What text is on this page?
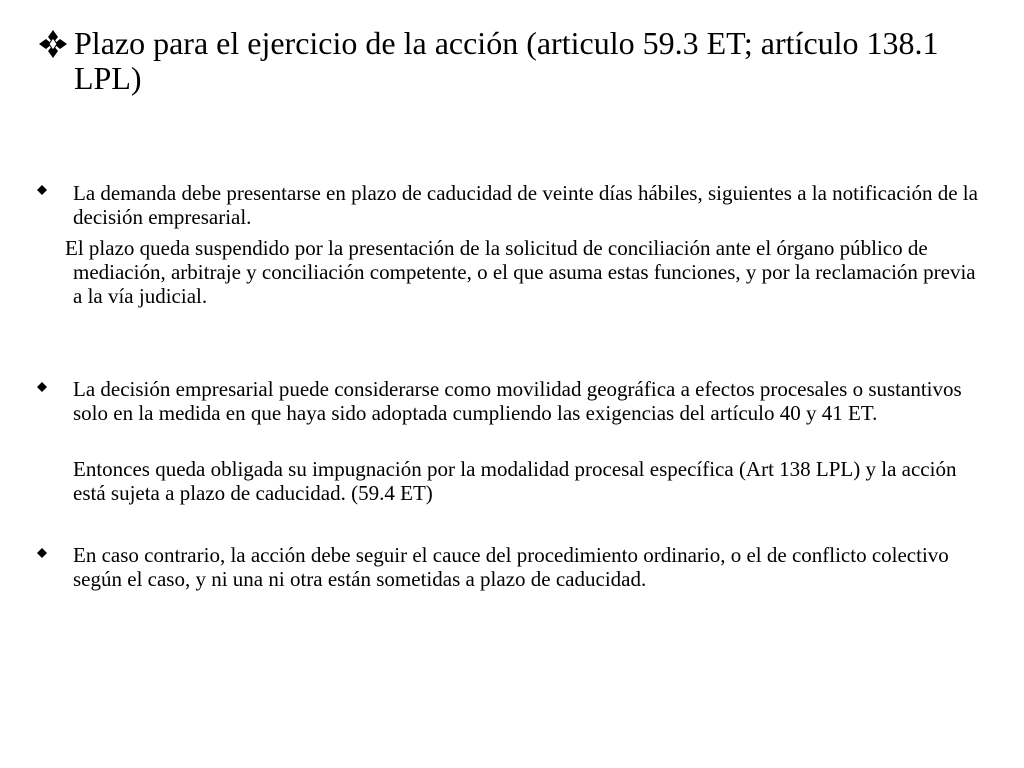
Plazo para el ejercicio de la acción (articulo 59.3 ET; artículo 138.1 LPL)
La demanda debe presentarse en plazo de caducidad de veinte días hábiles, siguientes a la notificación de la decisión empresarial.
El plazo queda suspendido por la presentación de la solicitud de conciliación ante el órgano público de mediación, arbitraje y conciliación competente, o el que asuma estas funciones, y por la reclamación previa a la vía judicial.
La decisión empresarial puede considerarse como movilidad geográfica a efectos procesales o sustantivos solo en la medida en que haya sido adoptada cumpliendo las exigencias del artículo 40 y 41 ET.
Entonces queda obligada su impugnación por la modalidad procesal específica (Art 138 LPL) y la acción está sujeta a plazo de caducidad. (59.4 ET)
En caso contrario, la acción debe seguir el cauce del procedimiento ordinario, o el de conflicto colectivo según el caso, y ni una ni otra están sometidas a plazo de caducidad.
